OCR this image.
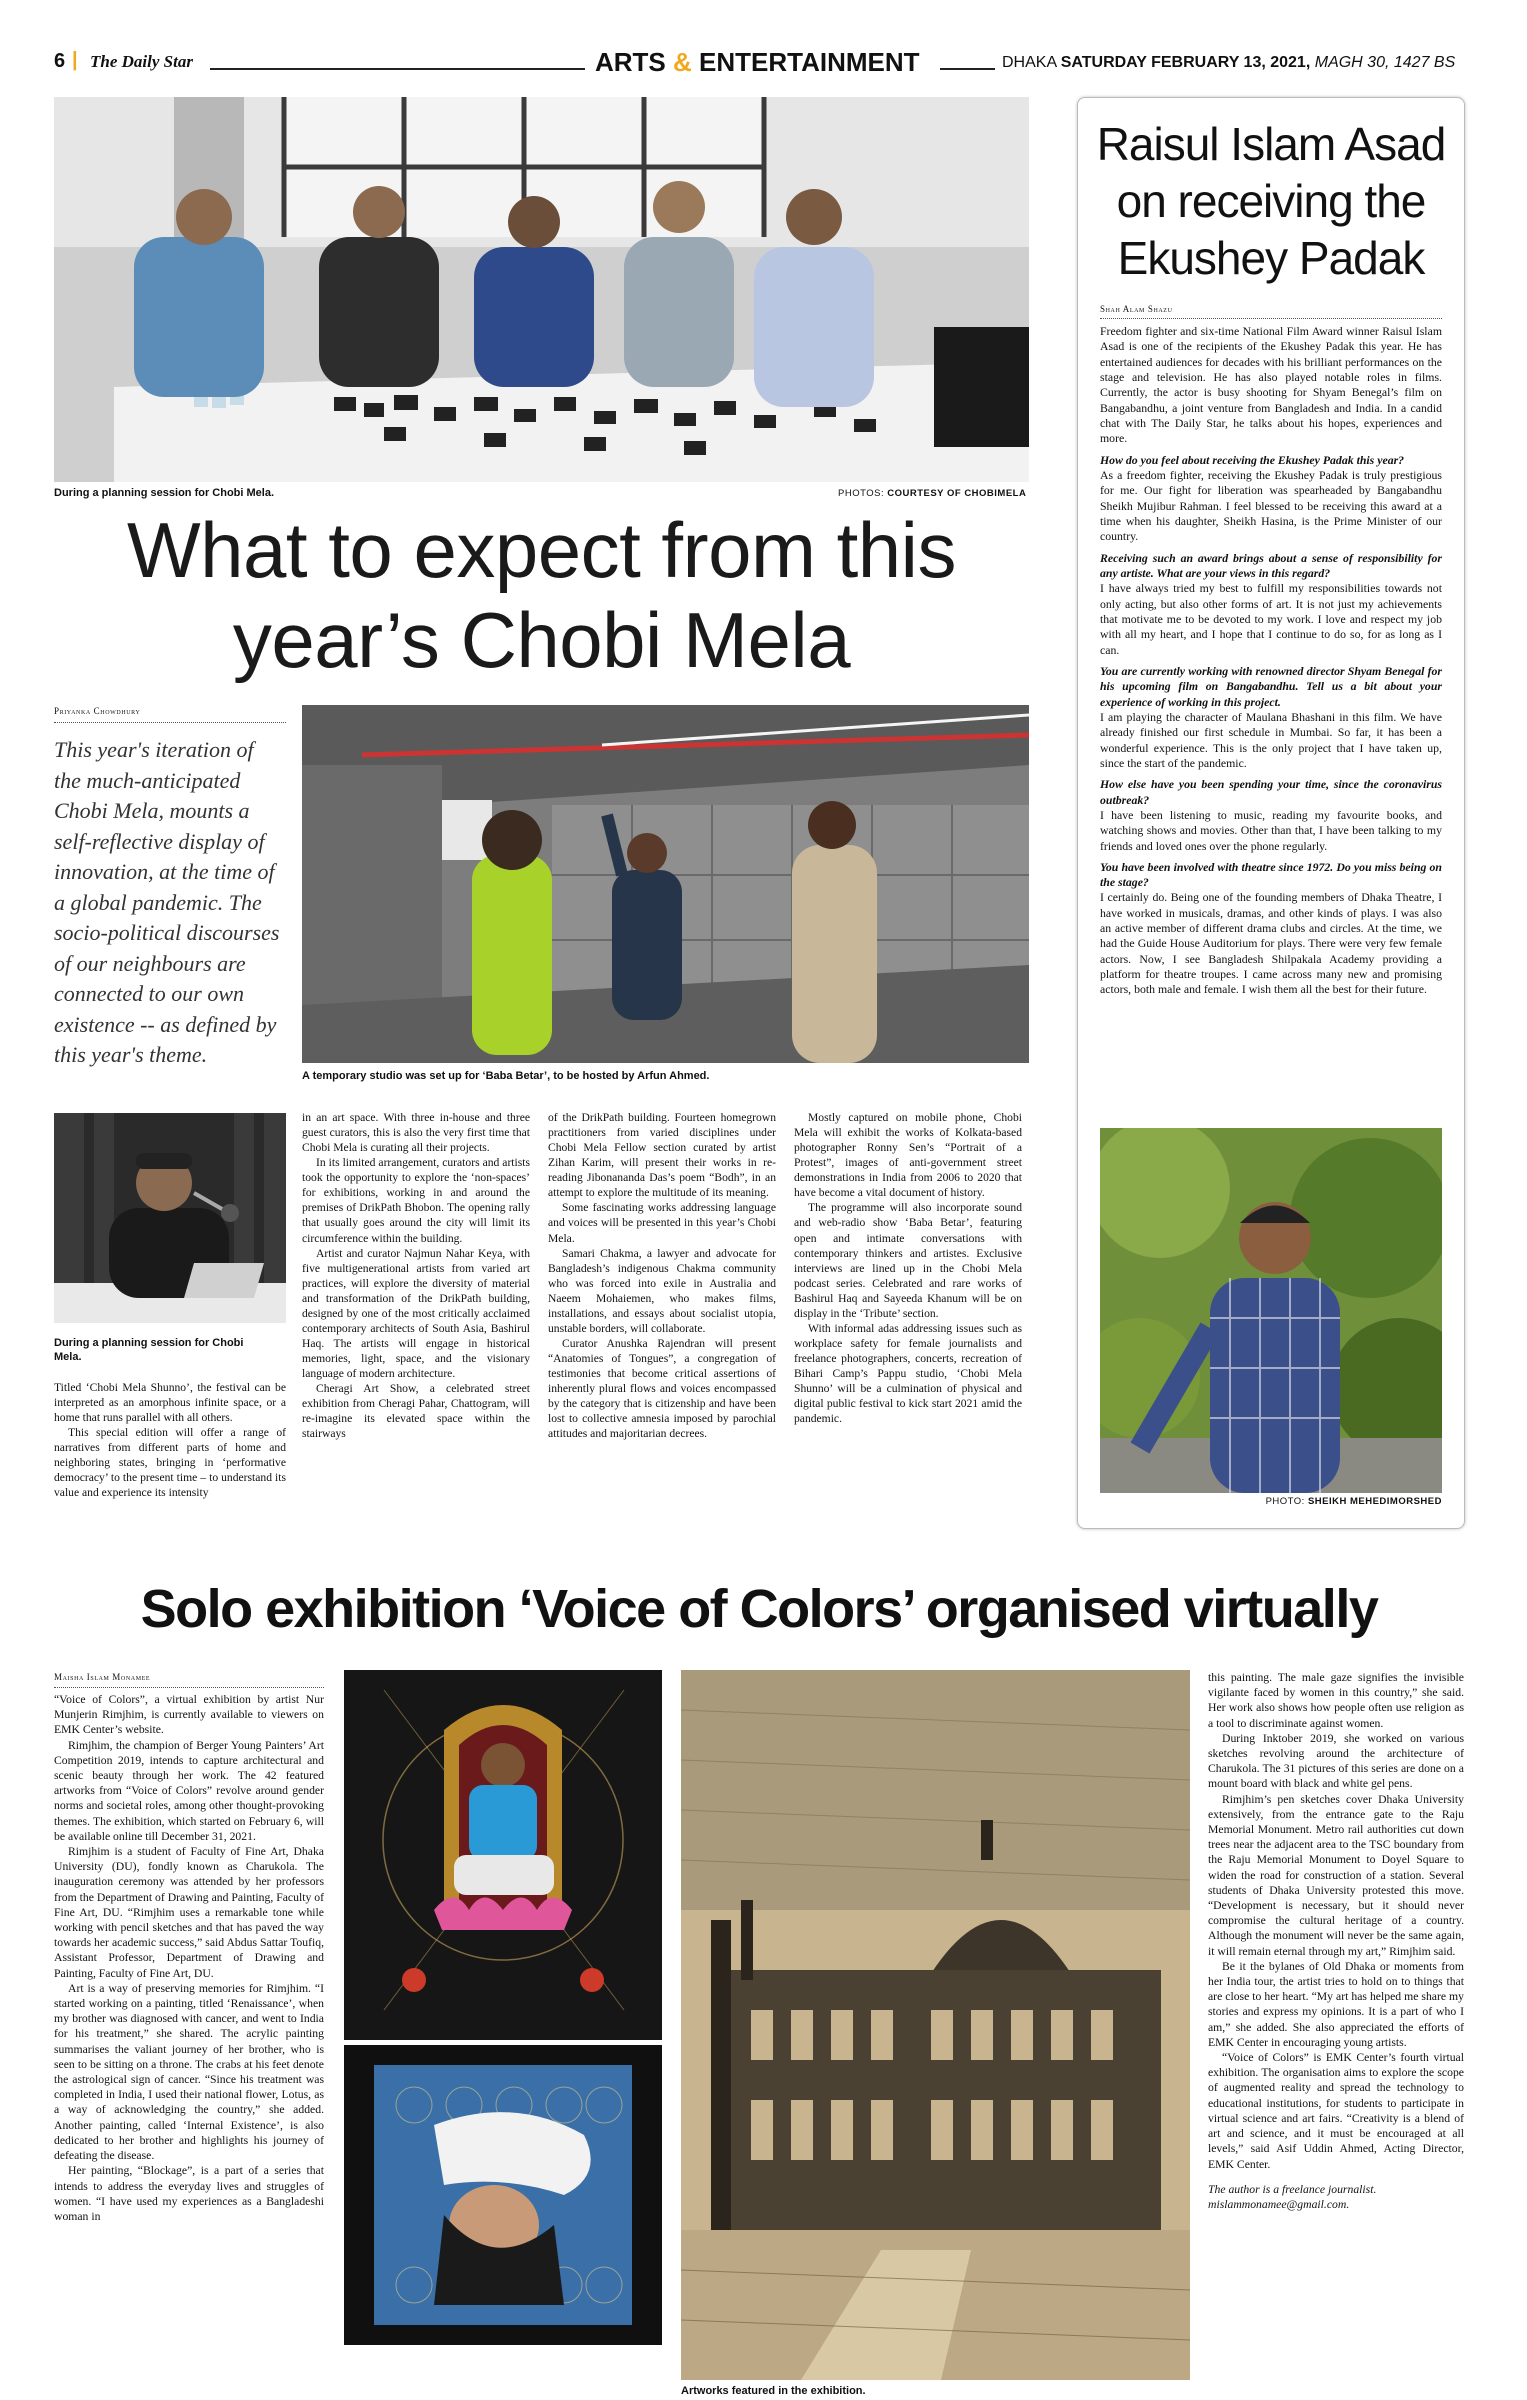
6 | The Daily Star	ARTS & ENTERTAINMENT	DHAKA SATURDAY FEBRUARY 13, 2021, MAGH 30, 1427 BS
During a planning session for Chobi Mela.	PHOTOS: COURTESY OF CHOBIMELA
What to expect from this
year’s Chobi Mela
Priyanka Chowdhury
This year's iteration of the much-anticipated Chobi Mela, mounts a self-reflective display of innovation, at the time of a global pandemic. The socio-political discourses of our neighbours are connected to our own existence -- as defined by this year's theme.
A temporary studio was set up for ‘Baba Betar’, to be hosted by Arfun Ahmed.
During a planning session for Chobi Mela.

Titled ‘Chobi Mela Shunno’, the festival can be interpreted as an amorphous infinite space, or a home that runs parallel with all others.

This special edition will offer a range of narratives from different parts of home and neighboring states, bringing in ‘performative democracy’ to the present time – to understand its value and experience its intensity

in an art space. With three in-house and three guest curators, this is also the very first time that Chobi Mela is curating all their projects.

In its limited arrangement, curators and artists took the opportunity to explore the ‘non-spaces’ for exhibitions, working in and around the premises of DrikPath Bhobon. The opening rally that usually goes around the city will limit its circumference within the building.

Artist and curator Najmun Nahar Keya, with five multigenerational artists from varied art practices, will explore the diversity of material and transformation of the DrikPath building, designed by one of the most critically acclaimed contemporary architects of South Asia, Bashirul Haq. The artists will engage in historical memories, light, space, and the visionary language of modern architecture.

Cheragi Art Show, a celebrated street exhibition from Cheragi Pahar, Chattogram, will re-imagine its elevated space within the stairways

of the DrikPath building. Fourteen homegrown practitioners from varied disciplines under Chobi Mela Fellow section curated by artist Zihan Karim, will present their works in re-reading Jibonananda Das’s poem “Bodh”, in an attempt to explore the multitude of its meaning.

Some fascinating works addressing language and voices will be presented in this year’s Chobi Mela.

Samari Chakma, a lawyer and advocate for Bangladesh’s indigenous Chakma community who was forced into exile in Australia and Naeem Mohaiemen, who makes films, installations, and essays about socialist utopia, unstable borders, will collaborate.

Curator Anushka Rajendran will present “Anatomies of Tongues”, a congregation of testimonies that become critical assertions of inherently plural flows and voices encompassed by the category that is citizenship and have been lost to collective amnesia imposed by parochial attitudes and majoritarian decrees.

Mostly captured on mobile phone, Chobi Mela will exhibit the works of Kolkata-based photographer Ronny Sen’s “Portrait of a Protest”, images of anti-government street demonstrations in India from 2006 to 2020 that have become a vital document of history.

The programme will also incorporate sound and web-radio show ‘Baba Betar’, featuring open and intimate conversations with contemporary thinkers and artistes. Exclusive interviews are lined up in the Chobi Mela podcast series. Celebrated and rare works of Bashirul Haq and Sayeeda Khanum will be on display in the ‘Tribute’ section.

With informal adas addressing issues such as workplace safety for female journalists and freelance photographers, concerts, recreation of Bihari Camp’s Pappu studio, ‘Chobi Mela Shunno’ will be a culmination of physical and digital public festival to kick start 2021 amid the pandemic.

Raisul Islam Asad
on receiving the
Ekushey Padak
Shah Alam Shazu

Freedom fighter and six-time National Film Award winner Raisul Islam Asad is one of the recipients of the Ekushey Padak this year. He has entertained audiences for decades with his brilliant performances on the stage and television. He has also played notable roles in films. Currently, the actor is busy shooting for Shyam Benegal’s film on Bangabandhu, a joint venture from Bangladesh and India. In a candid chat with The Daily Star, he talks about his hopes, experiences and more.

How do you feel about receiving the Ekushey Padak this year?

As a freedom fighter, receiving the Ekushey Padak is truly prestigious for me. Our fight for liberation was spearheaded by Bangabandhu Sheikh Mujibur Rahman. I feel blessed to be receiving this award at a time when his daughter, Sheikh Hasina, is the Prime Minister of our country.

Receiving such an award brings about a sense of responsibility for any artiste. What are your views in this regard?

I have always tried my best to fulfill my responsibilities towards not only acting, but also other forms of art. It is not just my achievements that motivate me to be devoted to my work. I love and respect my job with all my heart, and I hope that I continue to do so, for as long as I can.

You are currently working with renowned director Shyam Benegal for his upcoming film on Bangabandhu. Tell us a bit about your experience of working in this project.

I am playing the character of Maulana Bhashani in this film. We have already finished our first schedule in Mumbai. So far, it has been a wonderful experience. This is the only project that I have taken up, since the start of the pandemic.

How else have you been spending your time, since the coronavirus outbreak?

I have been listening to music, reading my favourite books, and watching shows and movies. Other than that, I have been talking to my friends and loved ones over the phone regularly.

You have been involved with theatre since 1972. Do you miss being on the stage?

I certainly do. Being one of the founding members of Dhaka Theatre, I have worked in musicals, dramas, and other kinds of plays. I was also an active member of different drama clubs and circles. At the time, we had the Guide House Auditorium for plays. There were very few female actors. Now, I see Bangladesh Shilpakala Academy providing a platform for theatre troupes. I came across many new and promising actors, both male and female. I wish them all the best for their future.

PHOTO: SHEIKH MEHEDIMORSHED
Solo exhibition ‘Voice of Colors’ organised virtually
Maisha Islam Monamee

“Voice of Colors”, a virtual exhibition by artist Nur Munjerin Rimjhim, is currently available to viewers on EMK Center’s website.

Rimjhim, the champion of Berger Young Painters’ Art Competition 2019, intends to capture architectural and scenic beauty through her work. The 42 featured artworks from “Voice of Colors” revolve around gender norms and societal roles, among other thought-provoking themes. The exhibition, which started on February 6, will be available online till December 31, 2021.

Rimjhim is a student of Faculty of Fine Art, Dhaka University (DU), fondly known as Charukola. The inauguration ceremony was attended by her professors from the Department of Drawing and Painting, Faculty of Fine Art, DU. “Rimjhim uses a remarkable tone while working with pencil sketches and that has paved the way towards her academic success,” said Abdus Sattar Toufiq, Assistant Professor, Department of Drawing and Painting, Faculty of Fine Art, DU.

Art is a way of preserving memories for Rimjhim. “I started working on a painting, titled ‘Renaissance’, when my brother was diagnosed with cancer, and went to India for his treatment,” she shared. The acrylic painting summarises the valiant journey of her brother, who is seen to be sitting on a throne. The crabs at his feet denote the astrological sign of cancer. “Since his treatment was completed in India, I used their national flower, Lotus, as a way of acknowledging the country,” she added. Another painting, called ‘Internal Existence’, is also dedicated to her brother and highlights his journey of defeating the disease.

Her painting, “Blockage”, is a part of a series that intends to address the everyday lives and struggles of women. “I have used my experiences as a Bangladeshi woman in

Artworks featured in the exhibition.

this painting. The male gaze signifies the invisible vigilante faced by women in this country,” she said. Her work also shows how people often use religion as a tool to discriminate against women.

During Inktober 2019, she worked on various sketches revolving around the architecture of Charukola. The 31 pictures of this series are done on a mount board with black and white gel pens.

Rimjhim’s pen sketches cover Dhaka University extensively, from the entrance gate to the Raju Memorial Monument. Metro rail authorities cut down trees near the adjacent area to the TSC boundary from the Raju Memorial Monument to Doyel Square to widen the road for construction of a station. Several students of Dhaka University protested this move. “Development is necessary, but it should never compromise the cultural heritage of a country. Although the monument will never be the same again, it will remain eternal through my art,” Rimjhim said.

Be it the bylanes of Old Dhaka or moments from her India tour, the artist tries to hold on to things that are close to her heart. “My art has helped me share my stories and express my opinions. It is a part of who I am,” she added. She also appreciated the efforts of EMK Center in encouraging young artists.

“Voice of Colors” is EMK Center’s fourth virtual exhibition. The organisation aims to explore the scope of augmented reality and spread the technology to educational institutions, for students to participate in virtual science and art fairs. “Creativity is a blend of art and science, and it must be encouraged at all levels,” said Asif Uddin Ahmed, Acting Director, EMK Center.

The author is a freelance journalist.

mislammonamee@gmail.com.
